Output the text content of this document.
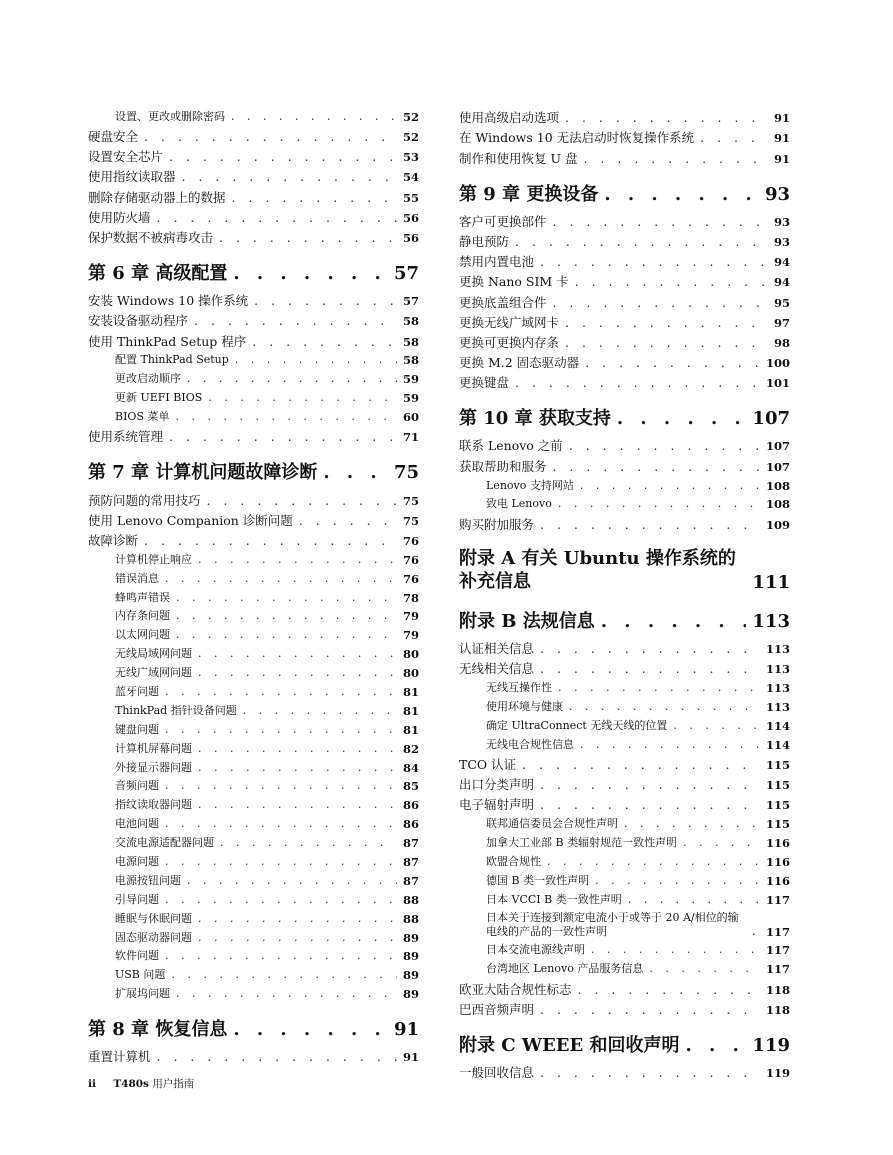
设置、更改或删除密码 . . .	52
硬盘安全 . . .	52
设置安全芯片 . . .	53
使用指纹读取器 . . .	54
删除存储驱动器上的数据 . . .	55
使用防火墙 . . .	56
保护数据不被病毒攻击 . . .	56
第 6 章 高级配置 . . .	57
安装 Windows 10 操作系统 . . .	57
安装设备驱动程序 . . .	58
使用 ThinkPad Setup 程序 . . .	58
配置 ThinkPad Setup . . .	58
更改启动顺序 . . .	59
更新 UEFI BIOS . . .	59
BIOS 菜单 . . .	60
使用系统管理 . . .	71
第 7 章 计算机问题故障诊断 . . .	75
预防问题的常用技巧 . . .	75
使用 Lenovo Companion 诊断问题 . . .	75
故障诊断 . . .	76
计算机停止响应 . . .	76
错误消息 . . .	76
蜂鸣声错误 . . .	78
内存条问题 . . .	79
以太网问题 . . .	79
无线局域网问题 . . .	80
无线广域网问题 . . .	80
蓝牙问题 . . .	81
ThinkPad 指针设备问题 . . .	81
键盘问题 . . .	81
计算机屏幕问题 . . .	82
外接显示器问题 . . .	84
音频问题 . . .	85
指纹读取器问题 . . .	86
电池问题 . . .	86
交流电源适配器问题 . . .	87
电源问题 . . .	87
电源按钮问题 . . .	87
引导问题 . . .	88
睡眠与休眠问题 . . .	88
固态驱动器问题 . . .	89
软件问题 . . .	89
USB 问题 . . .	89
扩展坞问题 . . .	89
第 8 章 恢复信息 . . .	91
重置计算机 . . .	91
使用高级启动选项 . . .	91
在 Windows 10 无法启动时恢复操作系统 . . .	91
制作和使用恢复 U 盘 . . .	91
第 9 章 更换设备 . . .	93
客户可更换部件 . . .	93
静电预防 . . .	93
禁用内置电池 . . .	94
更换 Nano SIM 卡 . . .	94
更换底盖组合件 . . .	95
更换无线广域网卡 . . .	97
更换可更换内存条 . . .	98
更换 M.2 固态驱动器 . . .	100
更换键盘 . . .	101
第 10 章 获取支持 . . .	107
联系 Lenovo 之前 . . .	107
获取帮助和服务 . . .	107
Lenovo 支持网站 . . .	108
致电 Lenovo . . .	108
购买附加服务 . . .	109
附录 A 有关 Ubuntu 操作系统的补充信息	111
附录 B 法规信息 . . .	113
认证相关信息 . . .	113
无线相关信息 . . .	113
无线互操作性 . . .	113
使用环境与健康 . . .	113
确定 UltraConnect 无线天线的位置 . . .	114
无线电合规性信息 . . .	114
TCO 认证 . . .	115
出口分类声明 . . .	115
电子辐射声明 . . .	115
联邦通信委员会合规性声明 . . .	115
加拿大工业部 B 类辐射规范一致性声明 . . .	116
欧盟合规性 . . .	116
德国 B 类一致性声明 . . .	116
日本 VCCI B 类一致性声明 . . .	117
日本关于连接到额定电流小于或等于 20 A/相位的输电线的产品的一致性声明 . . .	117
日本交流电源线声明 . . .	117
台湾地区 Lenovo 产品服务信息 . . .	117
欧亚大陆合规性标志 . . .	118
巴西音频声明 . . .	118
附录 C WEEE 和回收声明 . . .	119
一般回收信息 . . .	119
ii T480s 用户指南
